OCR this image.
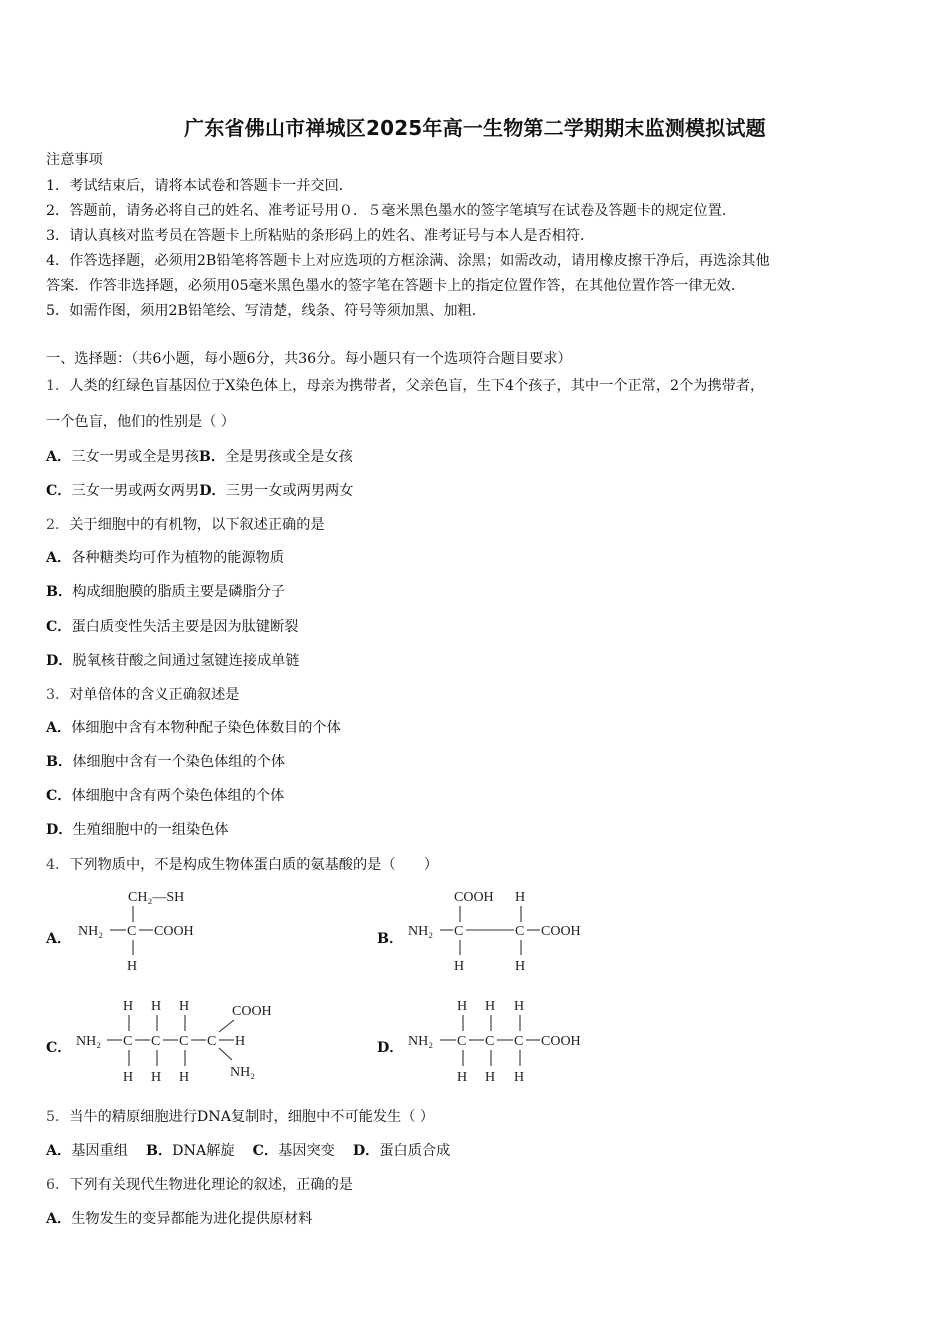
广东省佛山市禅城区2025年高一生物第二学期期末监测模拟试题
注意事项
1．考试结束后，请将本试卷和答题卡一并交回．
2．答题前，请务必将自己的姓名、准考证号用０．５毫米黑色墨水的签字笔填写在试卷及答题卡的规定位置．
3．请认真核对监考员在答题卡上所粘贴的条形码上的姓名、准考证号与本人是否相符．
4．作答选择题，必须用2B铅笔将答题卡上对应选项的方框涂满、涂黑；如需改动，请用橡皮擦干净后，再选涂其他
答案．作答非选择题，必须用05毫米黑色墨水的签字笔在答题卡上的指定位置作答，在其他位置作答一律无效．
5．如需作图，须用2B铅笔绘、写清楚，线条、符号等须加黑、加粗．
一、选择题：（共6小题，每小题6分，共36分。每小题只有一个选项符合题目要求）
1．人类的红绿色盲基因位于X染色体上，母亲为携带者，父亲色盲，生下4个孩子，其中一个正常，2个为携带者，
一个色盲，他们的性别是（ ）
A．三女一男或全是男孩B．全是男孩或全是女孩
C．三女一男或两女两男D．三男一女或两男两女
2．关于细胞中的有机物，以下叙述正确的是
A．各种糖类均可作为植物的能源物质
B．构成细胞膜的脂质主要是磷脂分子
C．蛋白质变性失活主要是因为肽键断裂
D．脱氧核苷酸之间通过氢键连接成单链
3．对单倍体的含义正确叙述是
A．体细胞中含有本物种配子染色体数目的个体
B．体细胞中含有一个染色体组的个体
C．体细胞中含有两个染色体组的个体
D．生殖细胞中的一组染色体
4．下列物质中，不是构成生物体蛋白质的氨基酸的是（　　）
A．
CH₂—SH
NH₂ C COOH
H
B．
COOH H
NH₂ C	C COOH
H	H
C．
H H H	COOH
NH₂ C C C C H
H H H	NH₂
D．
H H H
NH₂ C C C COOH
H H H
5．当牛的精原细胞进行DNA复制时，细胞中不可能发生（ ）
A．基因重组 B．DNA解旋 C．基因突变 D．蛋白质合成
6．下列有关现代生物进化理论的叙述，正确的是
A．生物发生的变异都能为进化提供原材料
